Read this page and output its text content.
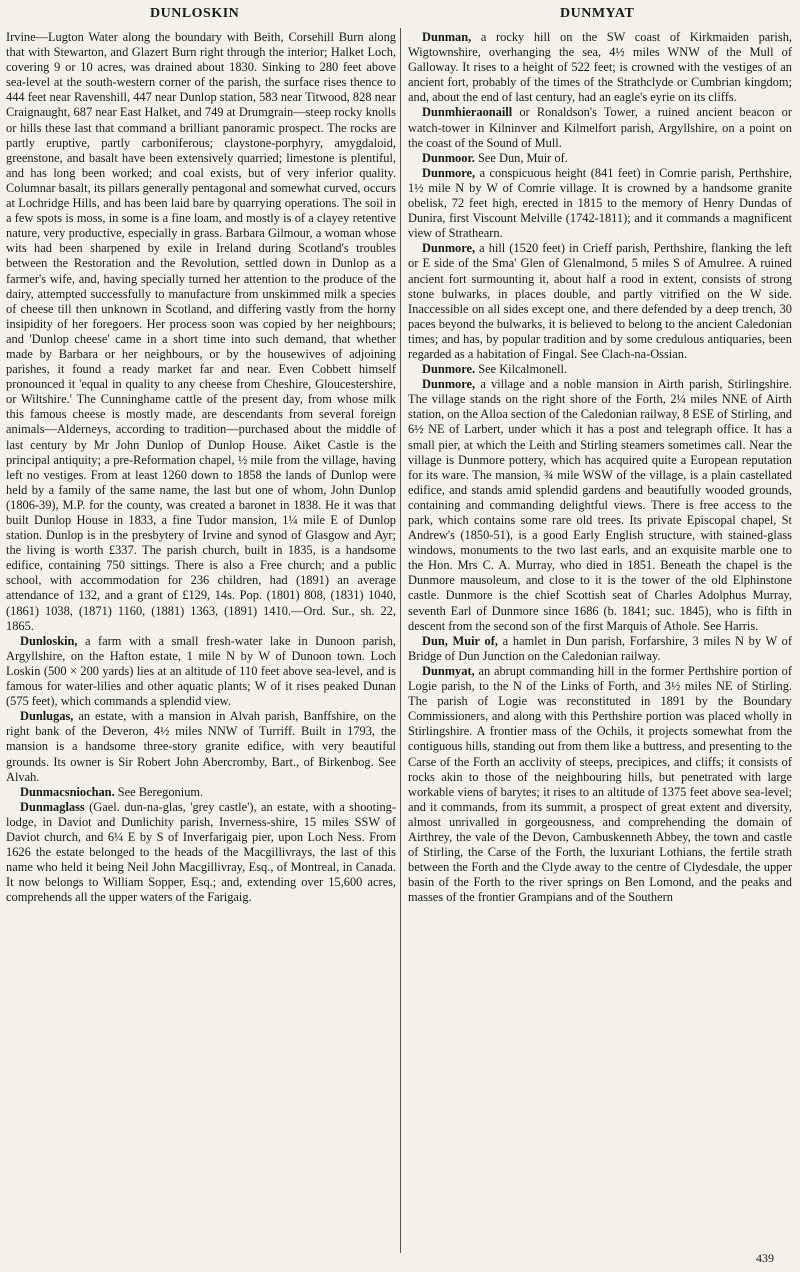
DUNLOSKIN	DUNMYAT

Irvine—Lugton Water along the boundary with Beith, Corsehill Burn along that with Stewarton, and Glazert Burn right through the interior; Halket Loch, covering 9 or 10 acres, was drained about 1830. Sinking to 280 feet above sea-level at the south-western corner of the parish, the surface rises thence to 444 feet near Ravenshill, 447 near Dunlop station, 583 near Titwood, 828 near Craignaught, 687 near East Halket, and 749 at Drumgrain—steep rocky knolls or hills these last that command a brilliant panoramic prospect. The rocks are partly eruptive, partly carboniferous; claystone-porphyry, amygdaloid, greenstone, and basalt have been extensively quarried; limestone is plentiful, and has long been worked; and coal exists, but of very inferior quality. Columnar basalt, its pillars generally pentagonal and somewhat curved, occurs at Lochridge Hills, and has been laid bare by quarrying operations. The soil in a few spots is moss, in some is a fine loam, and mostly is of a clayey retentive nature, very productive, especially in grass. Barbara Gilmour, a woman whose wits had been sharpened by exile in Ireland during Scotland's troubles between the Restoration and the Revolution, settled down in Dunlop as a farmer's wife, and, having specially turned her attention to the produce of the dairy, attempted successfully to manufacture from unskimmed milk a species of cheese till then unknown in Scotland, and differing vastly from the horny insipidity of her foregoers. Her process soon was copied by her neighbours; and 'Dunlop cheese' came in a short time into such demand, that whether made by Barbara or her neighbours, or by the housewives of adjoining parishes, it found a ready market far and near. Even Cobbett himself pronounced it 'equal in quality to any cheese from Cheshire, Gloucestershire, or Wiltshire.' The Cunninghame cattle of the present day, from whose milk this famous cheese is mostly made, are descendants from several foreign animals—Alderneys, according to tradition—purchased about the middle of last century by Mr John Dunlop of Dunlop House. Aiket Castle is the principal antiquity; a pre-Reformation chapel, ½ mile from the village, having left no vestiges. From at least 1260 down to 1858 the lands of Dunlop were held by a family of the same name, the last but one of whom, John Dunlop (1806-39), M.P. for the county, was created a baronet in 1838. He it was that built Dunlop House in 1833, a fine Tudor mansion, 1¼ mile E of Dunlop station. Dunlop is in the presbytery of Irvine and synod of Glasgow and Ayr; the living is worth £337. The parish church, built in 1835, is a handsome edifice, containing 750 sittings. There is also a Free church; and a public school, with accommodation for 236 children, had (1891) an average attendance of 132, and a grant of £129, 14s. Pop. (1801) 808, (1831) 1040, (1861) 1038, (1871) 1160, (1881) 1363, (1891) 1410.—Ord. Sur., sh. 22, 1865.

Dunloskin, a farm with a small fresh-water lake in Dunoon parish, Argyllshire, on the Hafton estate, 1 mile N by W of Dunoon town. Loch Loskin (500 × 200 yards) lies at an altitude of 110 feet above sea-level, and is famous for water-lilies and other aquatic plants; W of it rises peaked Dunan (575 feet), which commands a splendid view.

Dunlugas, an estate, with a mansion in Alvah parish, Banffshire, on the right bank of the Deveron, 4½ miles NNW of Turriff. Built in 1793, the mansion is a handsome three-story granite edifice, with very beautiful grounds. Its owner is Sir Robert John Abercromby, Bart., of Birkenbog. See Alvah.

Dunmacsniochan. See Beregonium.

Dunmaglass (Gael. dun-na-glas, 'grey castle'), an estate, with a shooting-lodge, in Daviot and Dunlichity parish, Inverness-shire, 15 miles SSW of Daviot church, and 6¼ E by S of Inverfarigaig pier, upon Loch Ness. From 1626 the estate belonged to the heads of the Macgillivrays, the last of this name who held it being Neil John Macgillivray, Esq., of Montreal, in Canada. It now belongs to William Sopper, Esq.; and, extending over 15,600 acres, comprehends all the upper waters of the Farigaig.

Dunman, a rocky hill on the SW coast of Kirkmaiden parish, Wigtownshire, overhanging the sea, 4½ miles WNW of the Mull of Galloway. It rises to a height of 522 feet; is crowned with the vestiges of an ancient fort, probably of the times of the Strathclyde or Cumbrian kingdom; and, about the end of last century, had an eagle's eyrie on its cliffs.

Dunmhieraonaill or Ronaldson's Tower, a ruined ancient beacon or watch-tower in Kilninver and Kilmelfort parish, Argyllshire, on a point on the coast of the Sound of Mull.

Dunmoor. See Dun, Muir of.

Dunmore, a conspicuous height (841 feet) in Comrie parish, Perthshire, 1½ mile N by W of Comrie village. It is crowned by a handsome granite obelisk, 72 feet high, erected in 1815 to the memory of Henry Dundas of Dunira, first Viscount Melville (1742-1811); and it commands a magnificent view of Strathearn.

Dunmore, a hill (1520 feet) in Crieff parish, Perthshire, flanking the left or E side of the Sma' Glen of Glenalmond, 5 miles S of Amulree. A ruined ancient fort surmounting it, about half a rood in extent, consists of strong stone bulwarks, in places double, and partly vitrified on the W side. Inaccessible on all sides except one, and there defended by a deep trench, 30 paces beyond the bulwarks, it is believed to belong to the ancient Caledonian times; and has, by popular tradition and by some credulous antiquaries, been regarded as a habitation of Fingal. See Clach-na-Ossian.

Dunmore. See Kilcalmonell.

Dunmore, a village and a noble mansion in Airth parish, Stirlingshire. The village stands on the right shore of the Forth, 2¼ miles NNE of Airth station, on the Alloa section of the Caledonian railway, 8 ESE of Stirling, and 6½ NE of Larbert, under which it has a post and telegraph office. It has a small pier, at which the Leith and Stirling steamers sometimes call. Near the village is Dunmore pottery, which has acquired quite a European reputation for its ware. The mansion, ¾ mile WSW of the village, is a plain castellated edifice, and stands amid splendid gardens and beautifully wooded grounds, containing and commanding delightful views. There is free access to the park, which contains some rare old trees. Its private Episcopal chapel, St Andrew's (1850-51), is a good Early English structure, with stained-glass windows, monuments to the two last earls, and an exquisite marble one to the Hon. Mrs C. A. Murray, who died in 1851. Beneath the chapel is the Dunmore mausoleum, and close to it is the tower of the old Elphinstone castle. Dunmore is the chief Scottish seat of Charles Adolphus Murray, seventh Earl of Dunmore since 1686 (b. 1841; suc. 1845), who is fifth in descent from the second son of the first Marquis of Athole. See Harris.

Dun, Muir of, a hamlet in Dun parish, Forfarshire, 3 miles N by W of Bridge of Dun Junction on the Caledonian railway.

Dunmyat, an abrupt commanding hill in the former Perthshire portion of Logie parish, to the N of the Links of Forth, and 3½ miles NE of Stirling. The parish of Logie was reconstituted in 1891 by the Boundary Commissioners, and along with this Perthshire portion was placed wholly in Stirlingshire. A frontier mass of the Ochils, it projects somewhat from the contiguous hills, standing out from them like a buttress, and presenting to the Carse of the Forth an acclivity of steeps, precipices, and cliffs; it consists of rocks akin to those of the neighbouring hills, but penetrated with large workable viens of barytes; it rises to an altitude of 1375 feet above sea-level; and it commands, from its summit, a prospect of great extent and diversity, almost unrivalled in gorgeousness, and comprehending the domain of Airthrey, the vale of the Devon, Cambuskenneth Abbey, the town and castle of Stirling, the Carse of the Forth, the luxuriant Lothians, the fertile strath between the Forth and the Clyde away to the centre of Clydesdale, the upper basin of the Forth to the river springs on Ben Lomond, and the peaks and masses of the frontier Grampians and of the Southern

439
